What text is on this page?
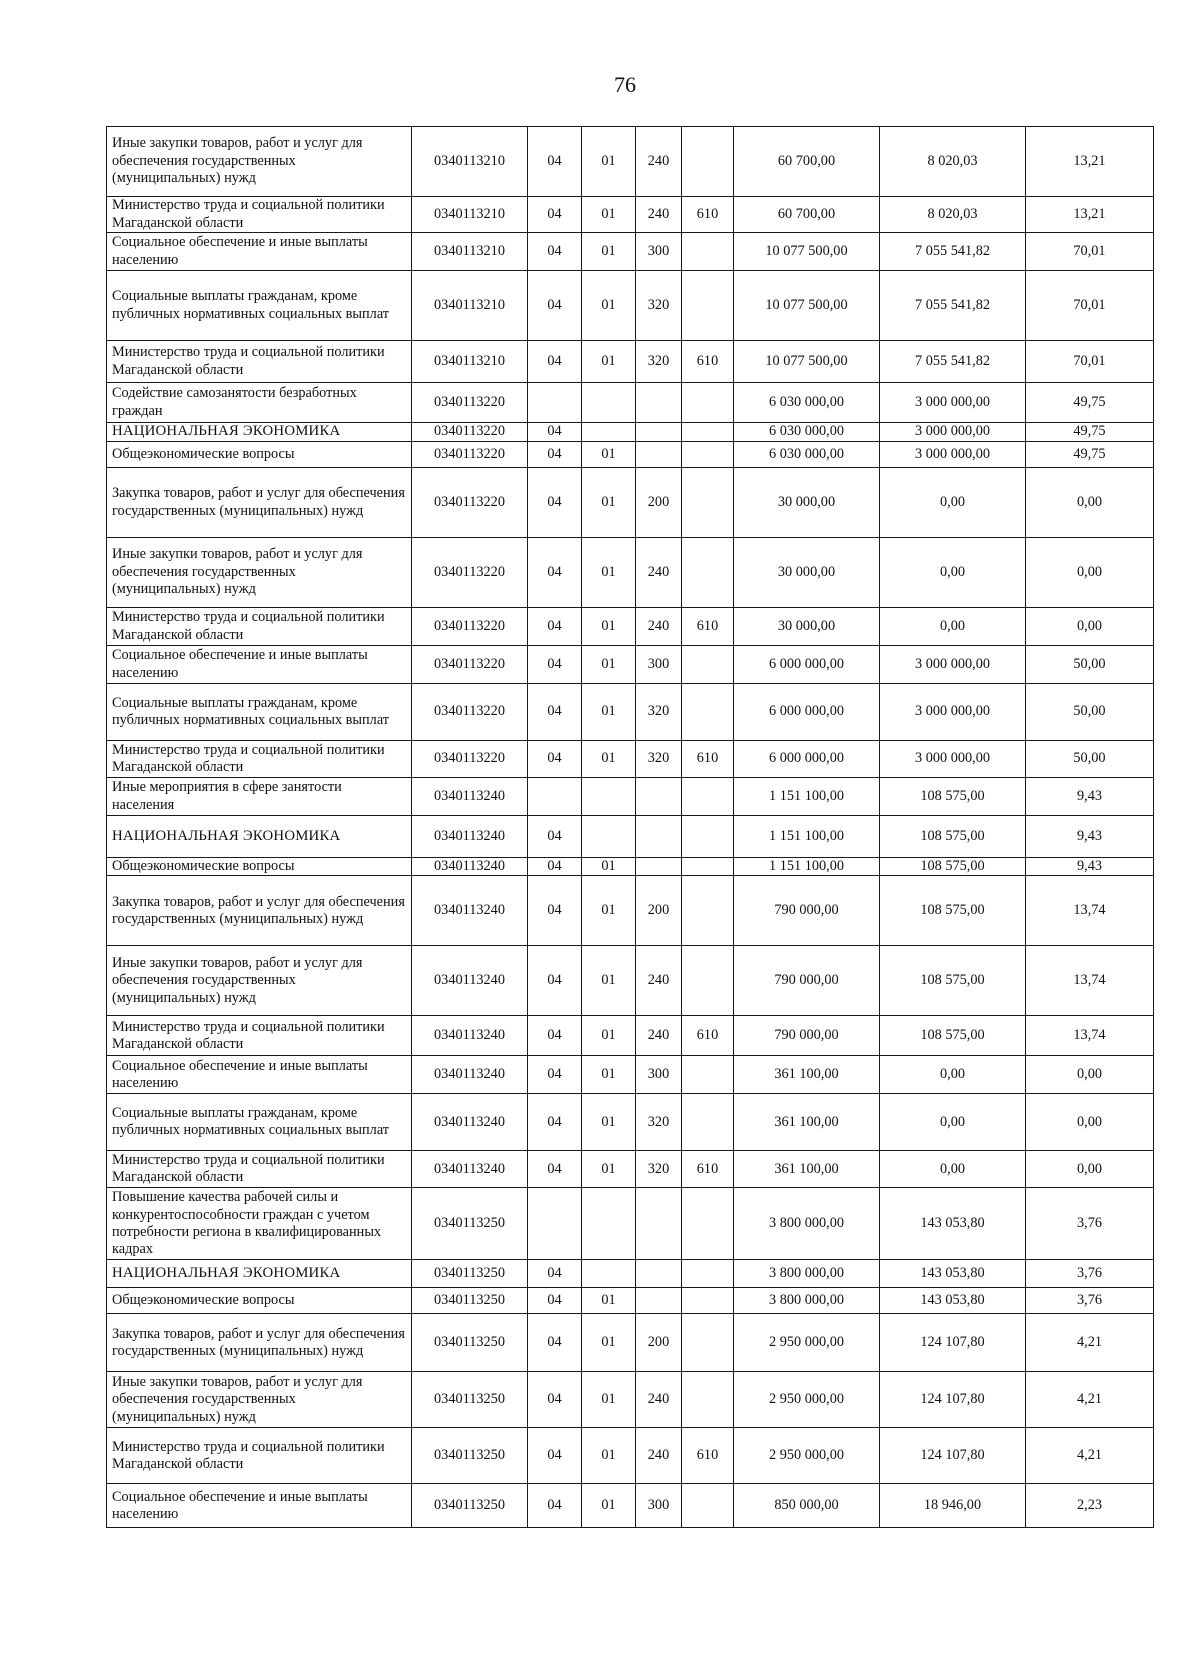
76
Иные закупки товаров, работ и услуг для обеспечения государственных (муниципальных) нужд	0340113210	04	01	240		60 700,00	8 020,03	13,21
Министерство труда и социальной политики Магаданской области	0340113210	04	01	240	610	60 700,00	8 020,03	13,21
Социальное обеспечение и иные выплаты населению	0340113210	04	01	300		10 077 500,00	7 055 541,82	70,01
Социальные выплаты гражданам, кроме публичных нормативных социальных выплат	0340113210	04	01	320		10 077 500,00	7 055 541,82	70,01
Министерство труда и социальной политики Магаданской области	0340113210	04	01	320	610	10 077 500,00	7 055 541,82	70,01
Содействие самозанятости безработных граждан	0340113220					6 030 000,00	3 000 000,00	49,75
НАЦИОНАЛЬНАЯ ЭКОНОМИКА	0340113220	04				6 030 000,00	3 000 000,00	49,75
Общеэкономические вопросы	0340113220	04	01			6 030 000,00	3 000 000,00	49,75
Закупка товаров, работ и услуг для обеспечения государственных (муниципальных) нужд	0340113220	04	01	200		30 000,00	0,00	0,00
Иные закупки товаров, работ и услуг для обеспечения государственных (муниципальных) нужд	0340113220	04	01	240		30 000,00	0,00	0,00
Министерство труда и социальной политики Магаданской области	0340113220	04	01	240	610	30 000,00	0,00	0,00
Социальное обеспечение и иные выплаты населению	0340113220	04	01	300		6 000 000,00	3 000 000,00	50,00
Социальные выплаты гражданам, кроме публичных нормативных социальных выплат	0340113220	04	01	320		6 000 000,00	3 000 000,00	50,00
Министерство труда и социальной политики Магаданской области	0340113220	04	01	320	610	6 000 000,00	3 000 000,00	50,00
Иные мероприятия в сфере занятости населения	0340113240					1 151 100,00	108 575,00	9,43
НАЦИОНАЛЬНАЯ ЭКОНОМИКА	0340113240	04				1 151 100,00	108 575,00	9,43
Общеэкономические вопросы	0340113240	04	01			1 151 100,00	108 575,00	9,43
Закупка товаров, работ и услуг для обеспечения государственных (муниципальных) нужд	0340113240	04	01	200		790 000,00	108 575,00	13,74
Иные закупки товаров, работ и услуг для обеспечения государственных (муниципальных) нужд	0340113240	04	01	240		790 000,00	108 575,00	13,74
Министерство труда и социальной политики Магаданской области	0340113240	04	01	240	610	790 000,00	108 575,00	13,74
Социальное обеспечение и иные выплаты населению	0340113240	04	01	300		361 100,00	0,00	0,00
Социальные выплаты гражданам, кроме публичных нормативных социальных выплат	0340113240	04	01	320		361 100,00	0,00	0,00
Министерство труда и социальной политики Магаданской области	0340113240	04	01	320	610	361 100,00	0,00	0,00
Повышение качества рабочей силы и конкурентоспособности граждан с учетом потребности региона в квалифицированных кадрах	0340113250					3 800 000,00	143 053,80	3,76
НАЦИОНАЛЬНАЯ ЭКОНОМИКА	0340113250	04				3 800 000,00	143 053,80	3,76
Общеэкономические вопросы	0340113250	04	01			3 800 000,00	143 053,80	3,76
Закупка товаров, работ и услуг для обеспечения государственных (муниципальных) нужд	0340113250	04	01	200		2 950 000,00	124 107,80	4,21
Иные закупки товаров, работ и услуг для обеспечения государственных (муниципальных) нужд	0340113250	04	01	240		2 950 000,00	124 107,80	4,21
Министерство труда и социальной политики Магаданской области	0340113250	04	01	240	610	2 950 000,00	124 107,80	4,21
Социальное обеспечение и иные выплаты населению	0340113250	04	01	300		850 000,00	18 946,00	2,23
